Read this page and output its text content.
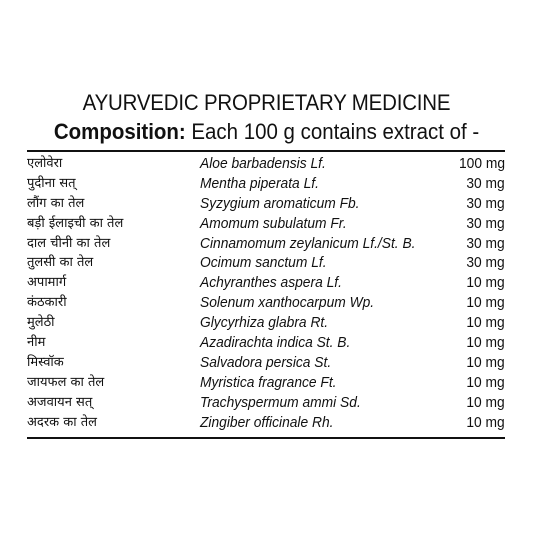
AYURVEDIC PROPRIETARY MEDICINE
Composition: Each 100 g contains extract of -
एलोवेरा	Aloe barbadensis Lf.	100 mg
पुदीना सत्	Mentha piperata Lf.	30 mg
लौंग का तेल	Syzygium aromaticum Fb.	30 mg
बड़ी ईलाइची का तेल	Amomum subulatum Fr.	30 mg
दाल चीनी का तेल	Cinnamomum zeylanicum Lf./St. B.	30 mg
तुलसी का तेल	Ocimum sanctum Lf.	30 mg
अपामार्ग	Achyranthes aspera Lf.	10 mg
कंठकारी	Solenum xanthocarpum Wp.	10 mg
मुलेठी	Glycyrhiza glabra Rt.	10 mg
नीम	Azadirachta indica St. B.	10 mg
मिस्वॉक	Salvadora persica St.	10 mg
जायफल का तेल	Myristica fragrance Ft.	10 mg
अजवायन सत्	Trachyspermum ammi Sd.	10 mg
अदरक का तेल	Zingiber officinale Rh.	10 mg
